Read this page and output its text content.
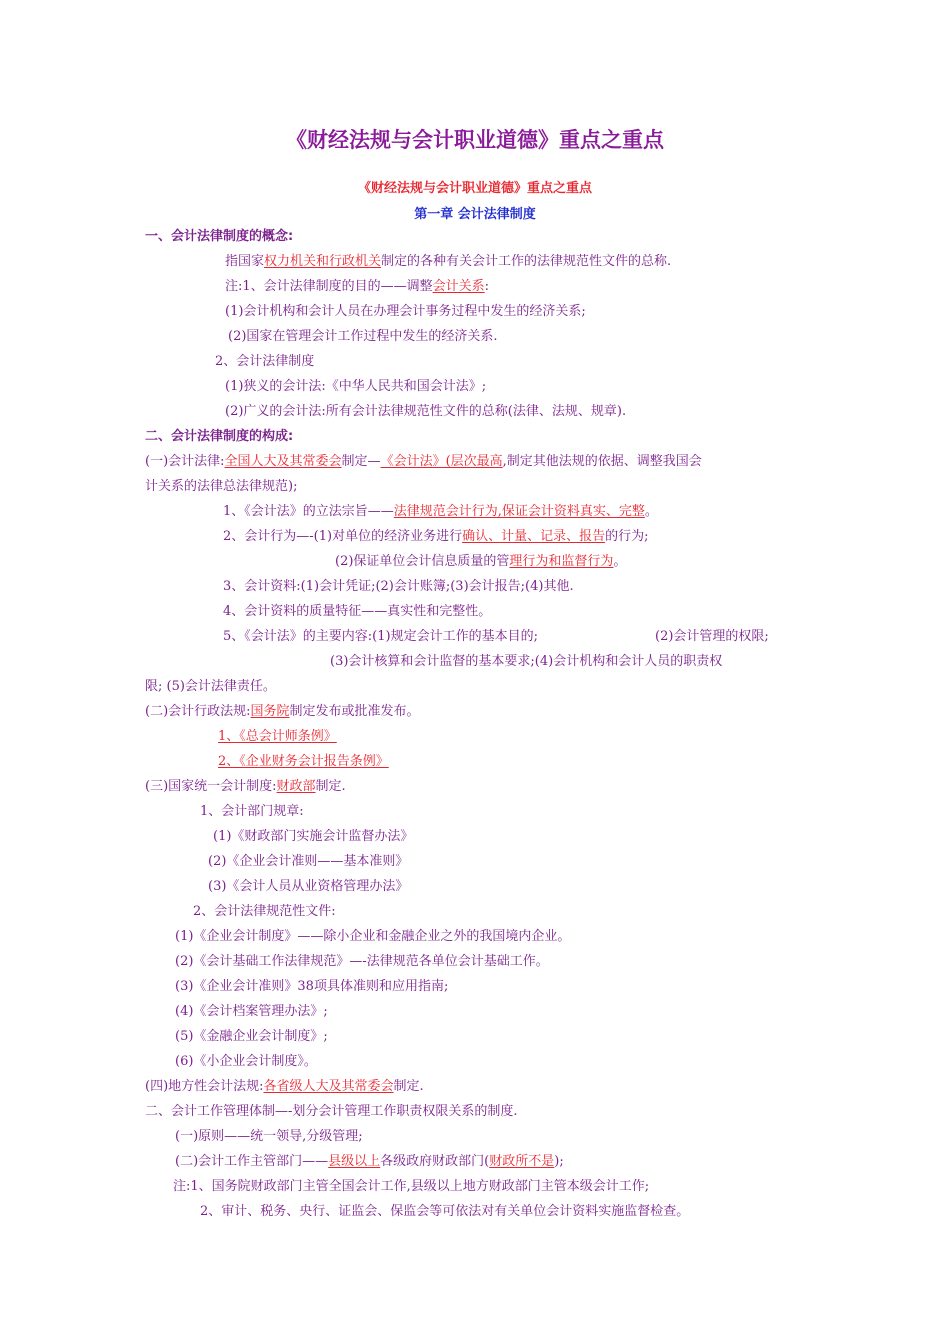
《财经法规与会计职业道德》重点之重点
《财经法规与会计职业道德》重点之重点
第一章 会计法律制度
一、会计法律制度的概念:
指国家权力机关和行政机关制定的各种有关会计工作的法律规范性文件的总称.
注:1、会计法律制度的目的——调整会计关系:
(1)会计机构和会计人员在办理会计事务过程中发生的经济关系;
(2)国家在管理会计工作过程中发生的经济关系.
2、会计法律制度
(1)狭义的会计法:《中华人民共和国会计法》;
(2)广义的会计法:所有会计法律规范性文件的总称(法律、法规、规章).
二、会计法律制度的构成:
(一)会计法律:全国人大及其常委会制定—《会计法》(层次最高,制定其他法规的依据、调整我国会
计关系的法律总法律规范);
1、《会计法》的立法宗旨——法律规范会计行为,保证会计资料真实、完整。
2、会计行为—-(1)对单位的经济业务进行确认、计量、记录、报告的行为;
(2)保证单位会计信息质量的管理行为和监督行为。
3、会计资料:(1)会计凭证;(2)会计账簿;(3)会计报告;(4)其他.
4、会计资料的质量特征——真实性和完整性。
5、《会计法》的主要内容:(1)规定会计工作的基本目的;	(2)会计管理的权限;
(3)会计核算和会计监督的基本要求;(4)会计机构和会计人员的职责权
限; (5)会计法律责任。
(二)会计行政法规:国务院制定发布或批准发布。
1、《总会计师条例》
2、《企业财务会计报告条例》
(三)国家统一会计制度:财政部制定.
1、会计部门规章:
(1)《财政部门实施会计监督办法》
(2)《企业会计准则——基本准则》
(3)《会计人员从业资格管理办法》
2、会计法律规范性文件:
(1)《企业会计制度》——除小企业和金融企业之外的我国境内企业。
(2)《会计基础工作法律规范》—-法律规范各单位会计基础工作。
(3)《企业会计准则》38项具体准则和应用指南;
(4)《会计档案管理办法》;
(5)《金融企业会计制度》;
(6)《小企业会计制度》。
(四)地方性会计法规:各省级人大及其常委会制定.
二、会计工作管理体制—-划分会计管理工作职责权限关系的制度.
(一)原则——统一领导,分级管理;
(二)会计工作主管部门——县级以上各级政府财政部门(财政所不是);
注:1、国务院财政部门主管全国会计工作,县级以上地方财政部门主管本级会计工作;
2、审计、税务、央行、证监会、保监会等可依法对有关单位会计资料实施监督检查。
